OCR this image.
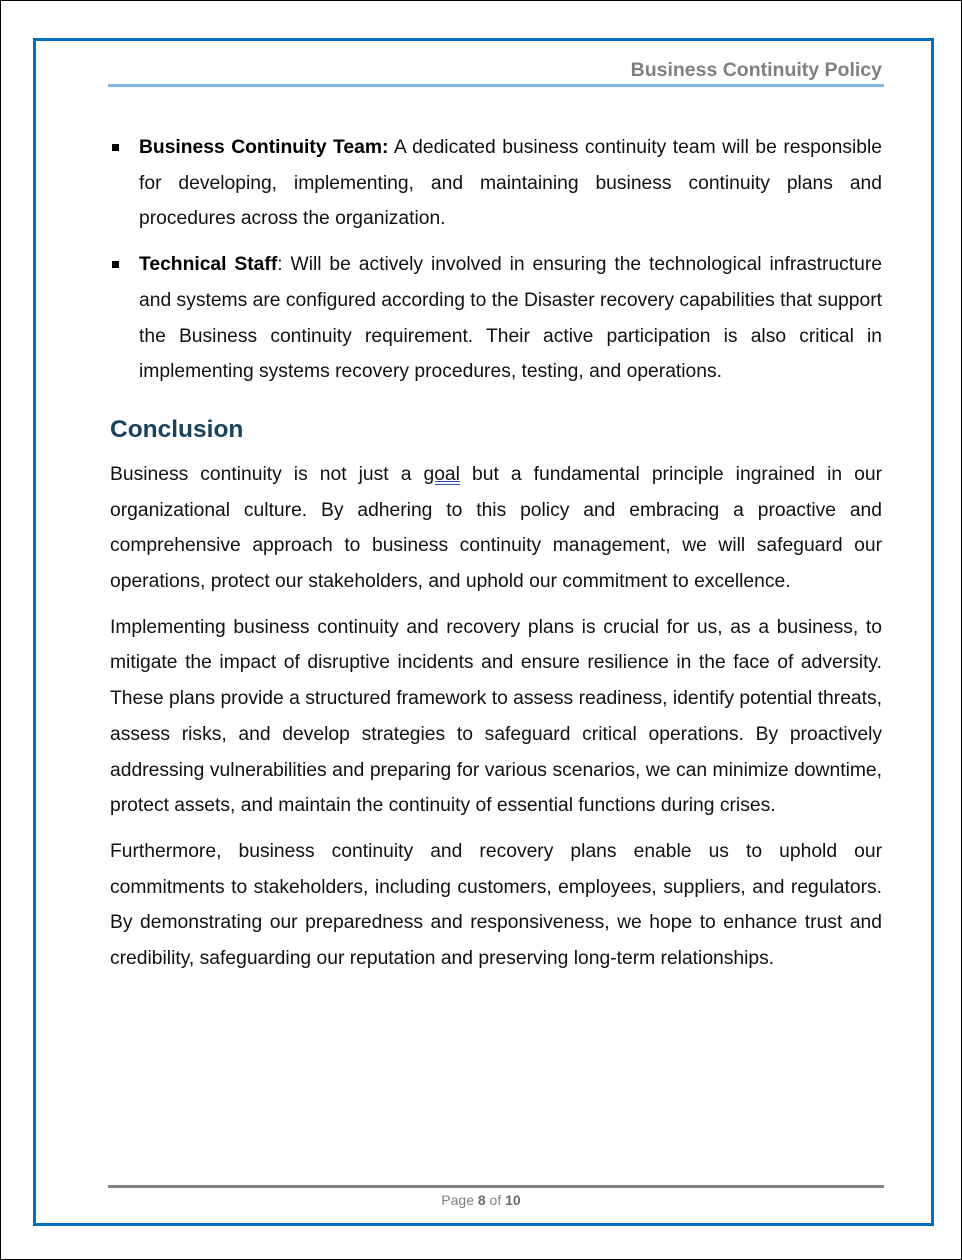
Business Continuity Policy
Business Continuity Team: A dedicated business continuity team will be responsible for developing, implementing, and maintaining business continuity plans and procedures across the organization.
Technical Staff: Will be actively involved in ensuring the technological infrastructure and systems are configured according to the Disaster recovery capabilities that support the Business continuity requirement. Their active participation is also critical in implementing systems recovery procedures, testing, and operations.
Conclusion

Business continuity is not just a goal but a fundamental principle ingrained in our organizational culture. By adhering to this policy and embracing a proactive and comprehensive approach to business continuity management, we will safeguard our operations, protect our stakeholders, and uphold our commitment to excellence.

Implementing business continuity and recovery plans is crucial for us, as a business, to mitigate the impact of disruptive incidents and ensure resilience in the face of adversity. These plans provide a structured framework to assess readiness, identify potential threats, assess risks, and develop strategies to safeguard critical operations. By proactively addressing vulnerabilities and preparing for various scenarios, we can minimize downtime, protect assets, and maintain the continuity of essential functions during crises.

Furthermore, business continuity and recovery plans enable us to uphold our commitments to stakeholders, including customers, employees, suppliers, and regulators. By demonstrating our preparedness and responsiveness, we hope to enhance trust and credibility, safeguarding our reputation and preserving long-term relationships.

Page 8 of 10
